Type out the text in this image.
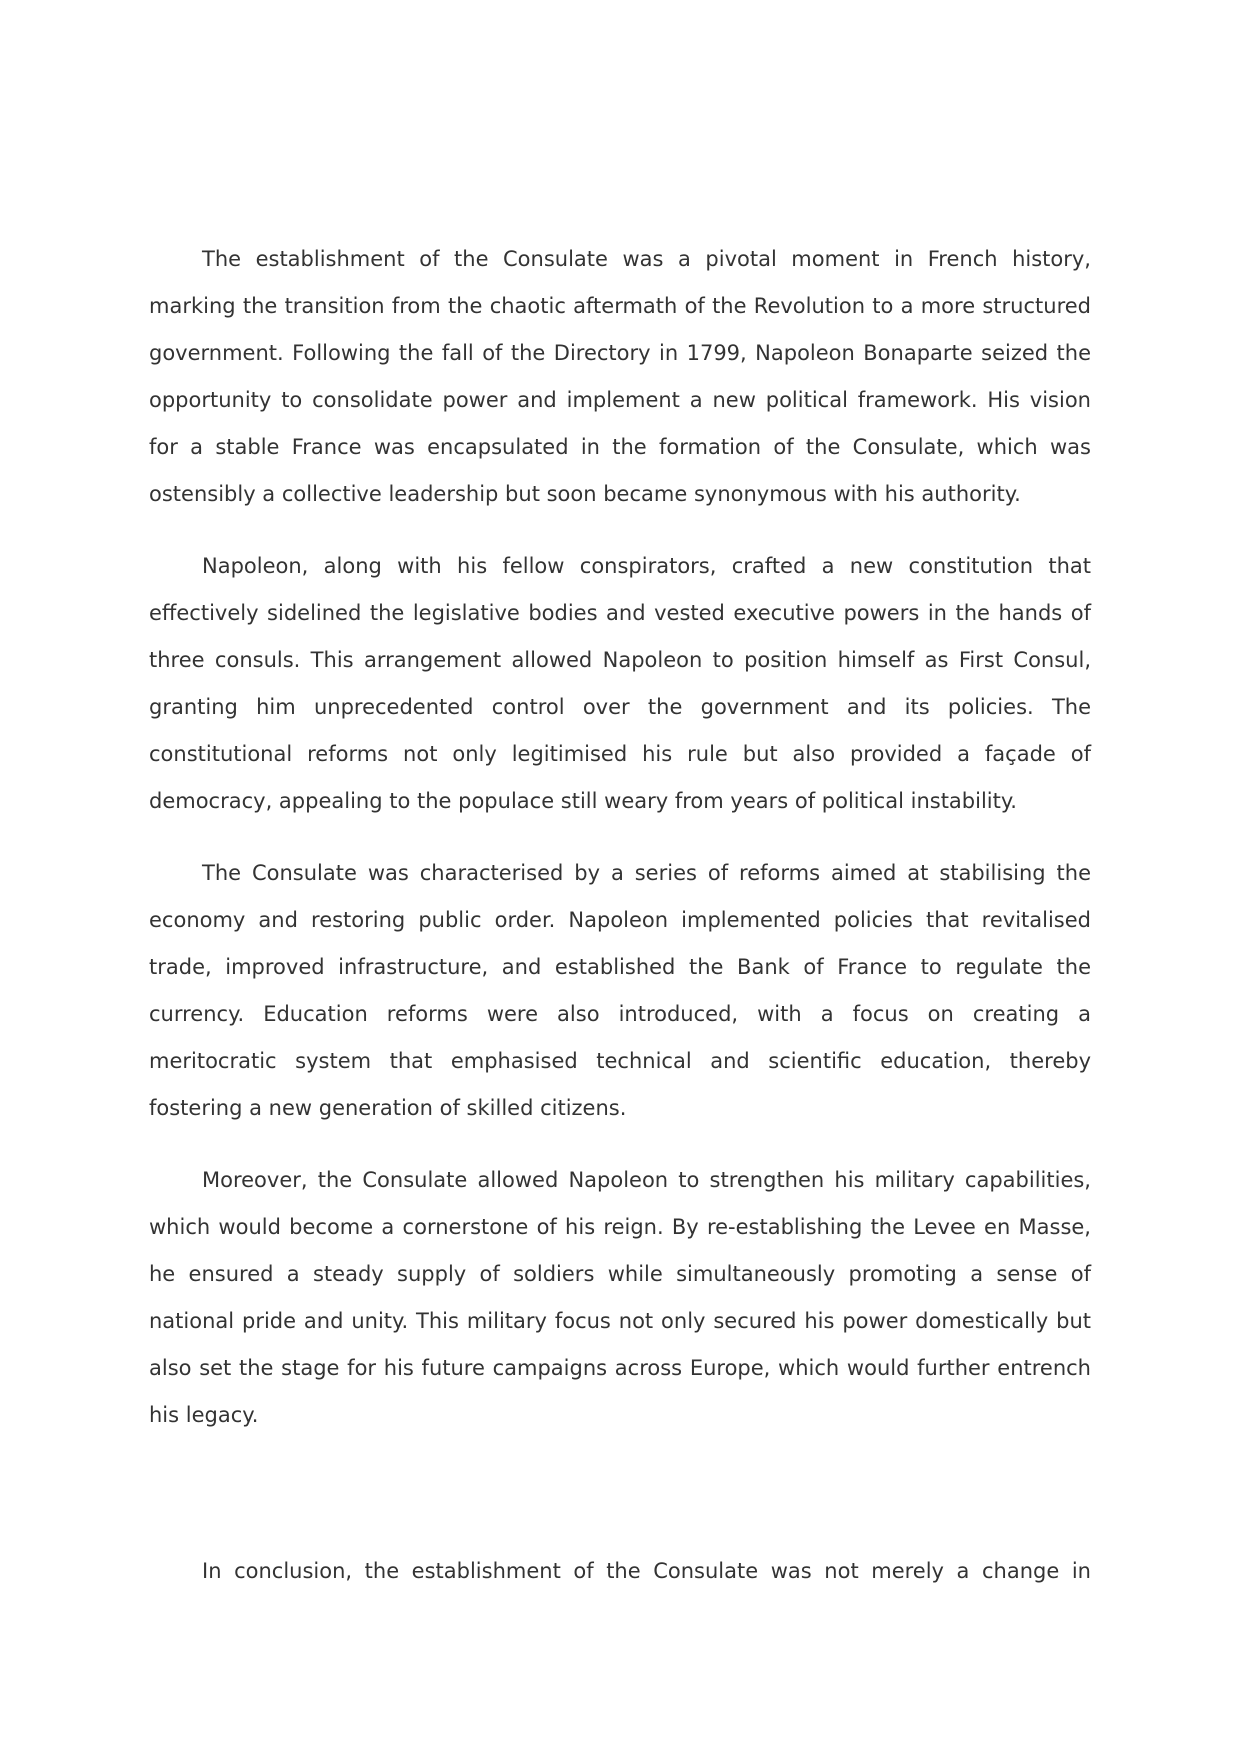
The establishment of the Consulate was a pivotal moment in French history,
marking the transition from the chaotic aftermath of the Revolution to a more structured
government. Following the fall of the Directory in 1799, Napoleon Bonaparte seized the
opportunity to consolidate power and implement a new political framework. His vision
for a stable France was encapsulated in the formation of the Consulate, which was
ostensibly a collective leadership but soon became synonymous with his authority.
Napoleon, along with his fellow conspirators, crafted a new constitution that
effectively sidelined the legislative bodies and vested executive powers in the hands of
three consuls. This arrangement allowed Napoleon to position himself as First Consul,
granting him unprecedented control over the government and its policies. The
constitutional reforms not only legitimised his rule but also provided a façade of
democracy, appealing to the populace still weary from years of political instability.
The Consulate was characterised by a series of reforms aimed at stabilising the
economy and restoring public order. Napoleon implemented policies that revitalised
trade, improved infrastructure, and established the Bank of France to regulate the
currency. Education reforms were also introduced, with a focus on creating a
meritocratic system that emphasised technical and scientific education, thereby
fostering a new generation of skilled citizens.
Moreover, the Consulate allowed Napoleon to strengthen his military capabilities,
which would become a cornerstone of his reign. By re-establishing the Levee en Masse,
he ensured a steady supply of soldiers while simultaneously promoting a sense of
national pride and unity. This military focus not only secured his power domestically but
also set the stage for his future campaigns across Europe, which would further entrench
his legacy.
In conclusion, the establishment of the Consulate was not merely a change in
